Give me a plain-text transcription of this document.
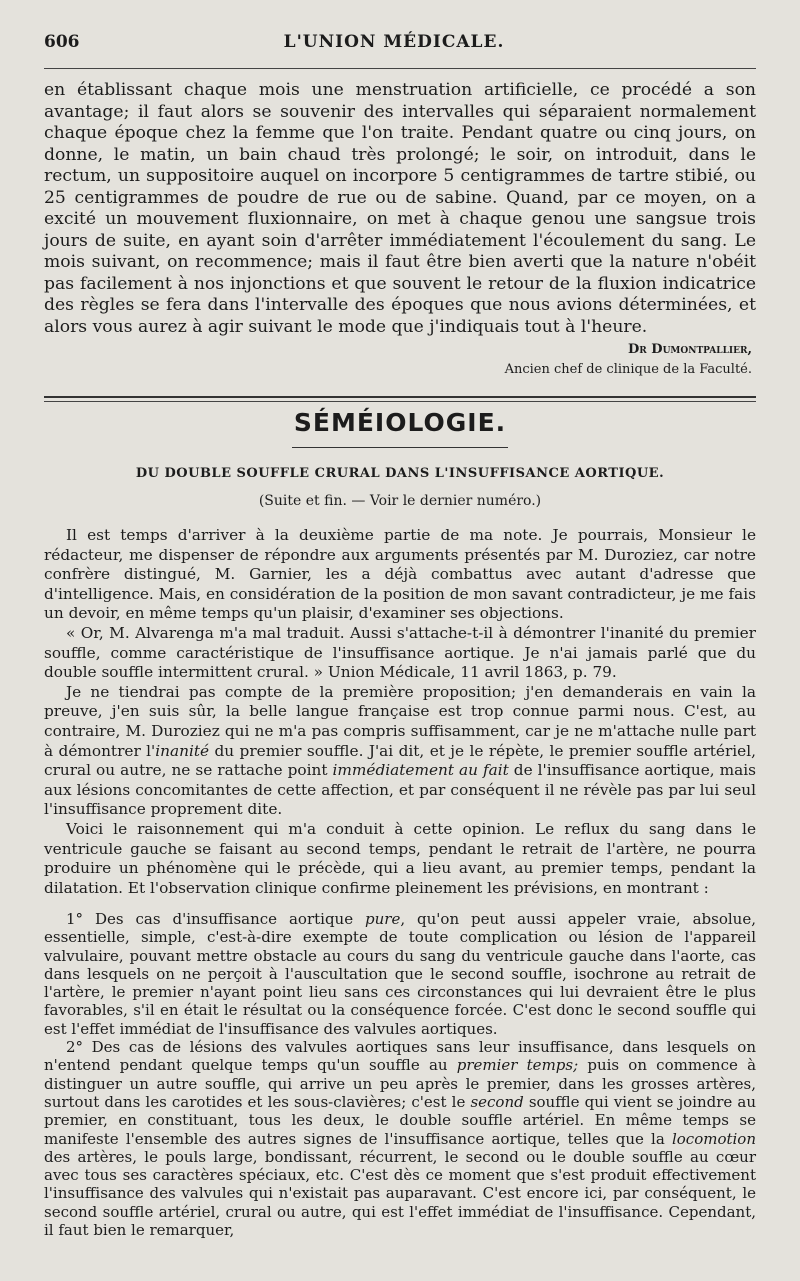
606	L'UNION MÉDICALE.

en établissant chaque mois une menstruation artificielle, ce procédé a son avantage; il faut alors se souvenir des intervalles qui séparaient normalement chaque époque chez la femme que l'on traite. Pendant quatre ou cinq jours, on donne, le matin, un bain chaud très prolongé; le soir, on introduit, dans le rectum, un suppositoire auquel on incorpore 5 centigrammes de tartre stibié, ou 25 centigrammes de poudre de rue ou de sabine. Quand, par ce moyen, on a excité un mouvement fluxionnaire, on met à chaque genou une sangsue trois jours de suite, en ayant soin d'arrêter immédiatement l'écoulement du sang. Le mois suivant, on recommence; mais il faut être bien averti que la nature n'obéit pas facilement à nos injonctions et que souvent le retour de la fluxion indicatrice des règles se fera dans l'intervalle des époques que nous avions déterminées, et alors vous aurez à agir suivant le mode que j'indiquais tout à l'heure.

Dr Dumontpallier,
Ancien chef de clinique de la Faculté.
SÉMÉIOLOGIE.
DU DOUBLE SOUFFLE CRURAL DANS L'INSUFFISANCE AORTIQUE.
(Suite et fin. — Voir le dernier numéro.)

Il est temps d'arriver à la deuxième partie de ma note. Je pourrais, Monsieur le rédacteur, me dispenser de répondre aux arguments présentés par M. Duroziez, car notre confrère distingué, M. Garnier, les a déjà combattus avec autant d'adresse que d'intelligence. Mais, en considération de la position de mon savant contradicteur, je me fais un devoir, en même temps qu'un plaisir, d'examiner ses objections.

« Or, M. Alvarenga m'a mal traduit. Aussi s'attache-t-il à démontrer l'inanité du premier souffle, comme caractéristique de l'insuffisance aortique. Je n'ai jamais parlé que du double souffle intermittent crural. » Union Médicale, 11 avril 1863, p. 79.

Je ne tiendrai pas compte de la première proposition; j'en demanderais en vain la preuve, j'en suis sûr, la belle langue française est trop connue parmi nous. C'est, au contraire, M. Duroziez qui ne m'a pas compris suffisamment, car je ne m'attache nulle part à démontrer l'inanité du premier souffle. J'ai dit, et je le répète, le premier souffle artériel, crural ou autre, ne se rattache point immédiatement au fait de l'insuffisance aortique, mais aux lésions concomitantes de cette affection, et par conséquent il ne révèle pas par lui seul l'insuffisance proprement dite.

Voici le raisonnement qui m'a conduit à cette opinion. Le reflux du sang dans le ventricule gauche se faisant au second temps, pendant le retrait de l'artère, ne pourra produire un phénomène qui le précède, qui a lieu avant, au premier temps, pendant la dilatation. Et l'observation clinique confirme pleinement les prévisions, en montrant :

1° Des cas d'insuffisance aortique pure, qu'on peut aussi appeler vraie, absolue, essentielle, simple, c'est-à-dire exempte de toute complication ou lésion de l'appareil valvulaire, pouvant mettre obstacle au cours du sang du ventricule gauche dans l'aorte, cas dans lesquels on ne perçoit à l'auscultation que le second souffle, isochrone au retrait de l'artère, le premier n'ayant point lieu sans ces circonstances qui lui devraient être le plus favorables, s'il en était le résultat ou la conséquence forcée. C'est donc le second souffle qui est l'effet immédiat de l'insuffisance des valvules aortiques.

2° Des cas de lésions des valvules aortiques sans leur insuffisance, dans lesquels on n'entend pendant quelque temps qu'un souffle au premier temps; puis on commence à distinguer un autre souffle, qui arrive un peu après le premier, dans les grosses artères, surtout dans les carotides et les sous-clavières; c'est le second souffle qui vient se joindre au premier, en constituant, tous les deux, le double souffle artériel. En même temps se manifeste l'ensemble des autres signes de l'insuffisance aortique, telles que la locomotion des artères, le pouls large, bondissant, récurrent, le second ou le double souffle au cœur avec tous ses caractères spéciaux, etc. C'est dès ce moment que s'est produit effectivement l'insuffisance des valvules qui n'existait pas auparavant. C'est encore ici, par conséquent, le second souffle artériel, crural ou autre, qui est l'effet immédiat de l'insuffisance. Cependant, il faut bien le remarquer,
